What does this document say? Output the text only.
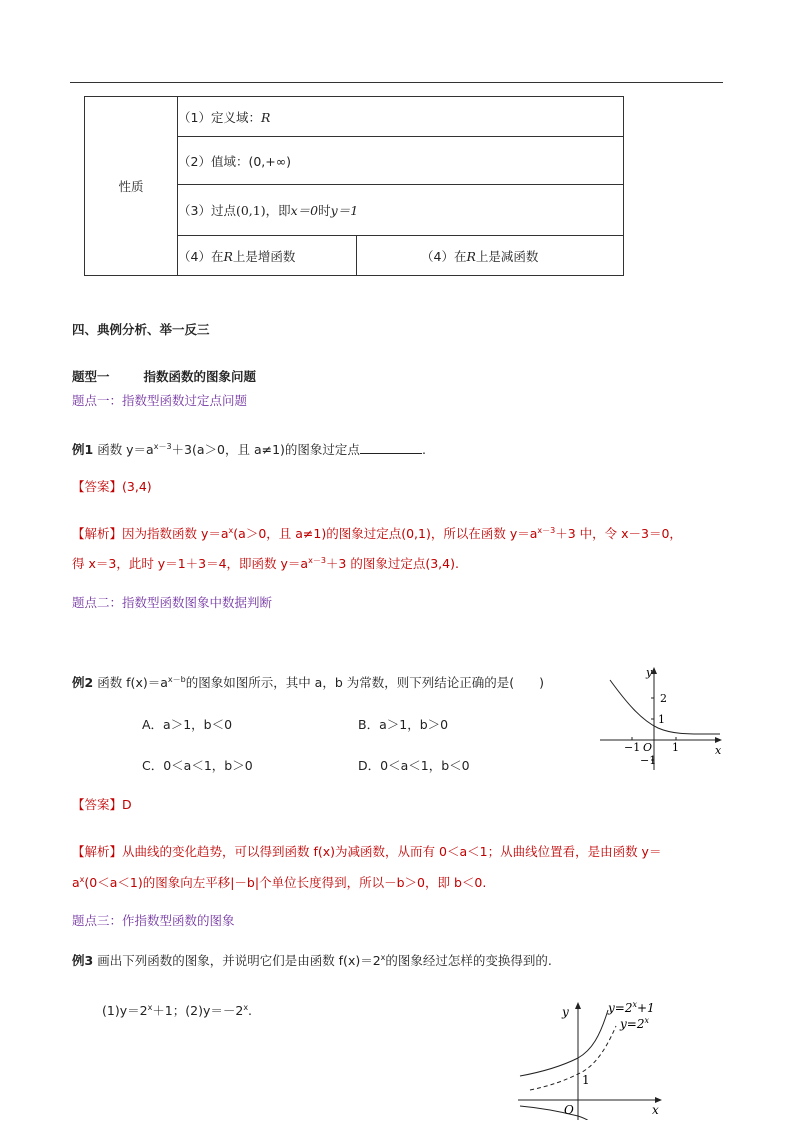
性质	（1）定义域：R	
	（2）值域：(0,+∞)	
	（3）过点(0,1)，即x＝0时y＝1	
	（4）在R上是增函数	（4）在R上是减函数
四、典例分析、举一反三
题型一	指数函数的图象问题
题点一：指数型函数过定点问题
例1 函数 $y=a^{x-3}+3(a>0$，且 a≠1)的图象过定点	.
【答案】(3,4)
【解析】因为指数函数 $y=a^x(a>0$，且 a≠1)的图象过定点(0,1)，所以在函数 $y=a^{x-3}+3$ 中，令 x－3＝0，
得 x＝3，此时 y＝1＋3＝4，即函数 $y=a^{x-3}+3$ 的图象过定点(3,4).
题点二：指数型函数图象中数据判断
例2 函数 $f(x)=a^{x-b}$的图象如图所示，其中 a，b 为常数，则下列结论正确的是(　　)
A．a＞1，b＜0	B．a＞1，b＞0
C．0＜a＜1，b＞0	D．0＜a＜1，b＜0
y
x
2
1
−1 O 1
−1
【答案】D
【解析】从曲线的变化趋势，可以得到函数 f(x)为减函数，从而有 0＜a＜1；从曲线位置看，是由函数 y＝
$a^x(0<a<1)$的图象向左平移|－b|个单位长度得到，所以－b＞0，即 b＜0.
题点三：作指数型函数的图象
例3 画出下列函数的图象，并说明它们是由函数 $f(x)=2^x$的图象经过怎样的变换得到的.
$(1)y=2^x+1$；$(2)y=-2^x$.	y
x
$y=2^x+1$
$y=2^x$
1
O
